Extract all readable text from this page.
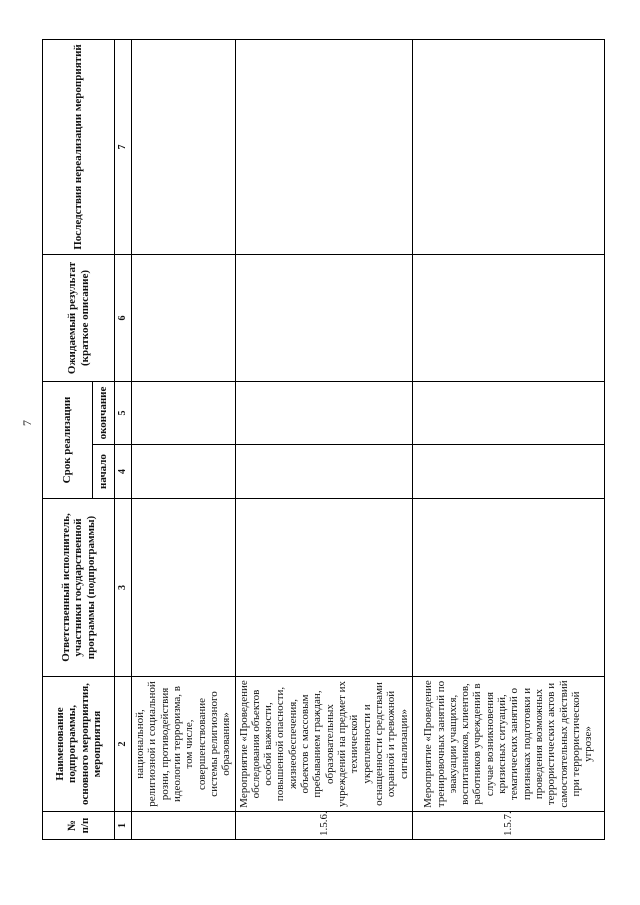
7
№ п/п	Наименование подпрограммы, основного мероприятия, мероприятия	Ответственный исполнитель, участники государственной программы (подпрограммы)	Срок реализации		Ожидаемый результат (краткое описание)	Последствия нереализации мероприятий
			начало	окончание		
1	2	3	4	5	6	7
	национальной, религиозной и социальной розни, противодействия идеологии терроризма, в том числе, совершенствование системы религиозного образования»					
1.5.6.	Мероприятие «Проведение обследования объектов особой важности, повышенной опасности, жизнеобеспечения, объектов с массовым пребыванием граждан, образовательных учреждений на предмет их технической укрепленности и оснащенности средствами охранной и тревожной сигнализации»					
1.5.7.	Мероприятие «Проведение тренировочных занятий по эвакуации учащихся, воспитанников, клиентов, работников учреждений в случае возникновения кризисных ситуаций, тематических занятий о признаках подготовки и проведения возможных террористических актов и самостоятельных действий при террористической угрозе»					
